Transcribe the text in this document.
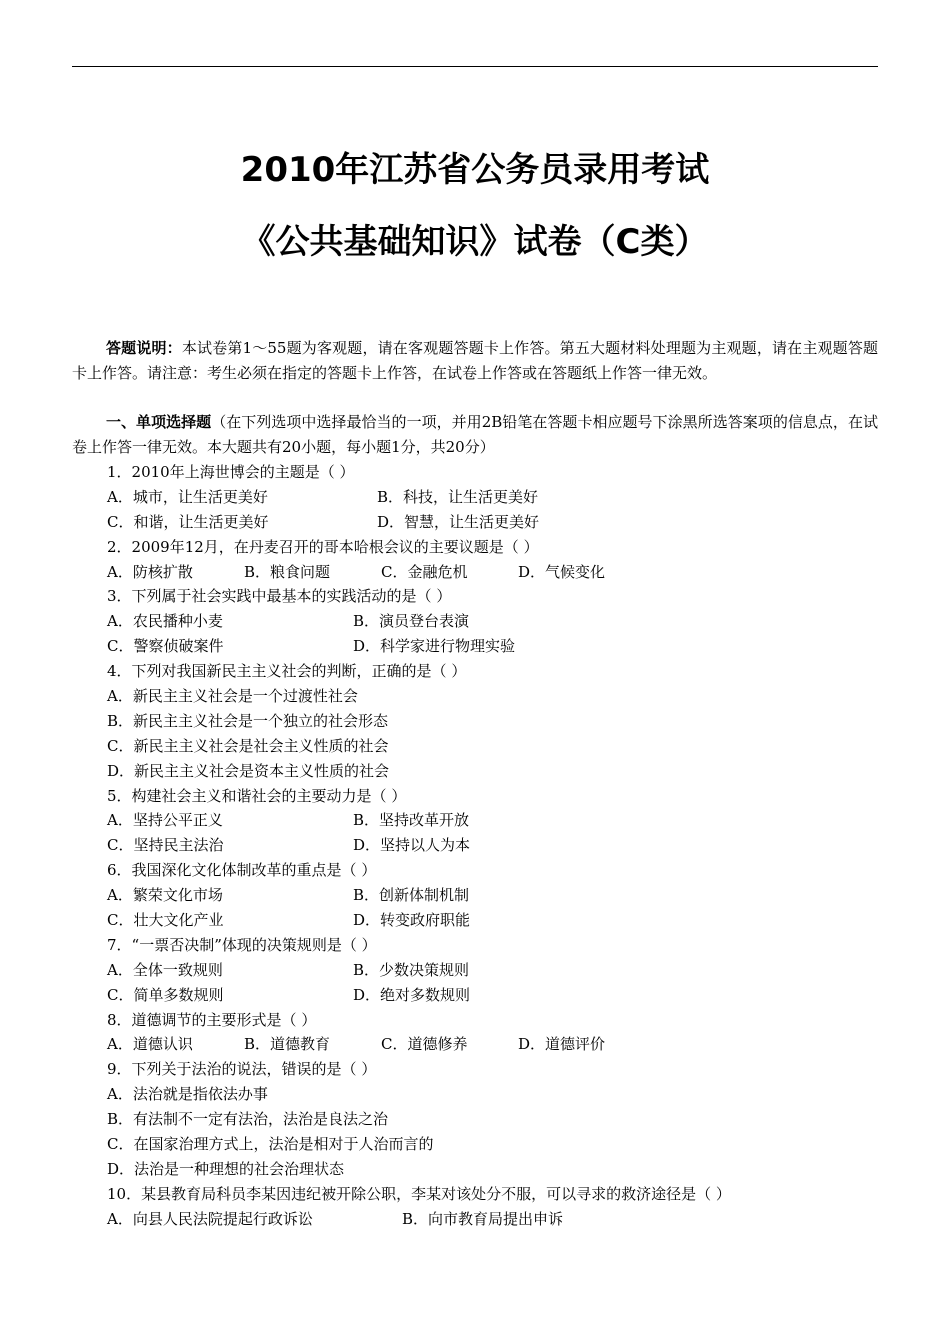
2010年江苏省公务员录用考试
《公共基础知识》试卷（C类）
答题说明：本试卷第1～55题为客观题，请在客观题答题卡上作答。第五大题材料处理题为主观题，请在主观题答题卡上作答。请注意：考生必须在指定的答题卡上作答，在试卷上作答或在答题纸上作答一律无效。
一、单项选择题（在下列选项中选择最恰当的一项，并用2B铅笔在答题卡相应题号下涂黑所选答案项的信息点，在试卷上作答一律无效。本大题共有20小题，每小题1分，共20分）
1．2010年上海世博会的主题是（ ）
A．城市，让生活更美好	B．科技，让生活更美好
C．和谐，让生活更美好	D．智慧，让生活更美好
2．2009年12月，在丹麦召开的哥本哈根会议的主要议题是（ ）
A．防核扩散	B．粮食问题	C．金融危机	D．气候变化
3．下列属于社会实践中最基本的实践活动的是（ ）
A．农民播种小麦	B．演员登台表演
C．警察侦破案件	D．科学家进行物理实验
4．下列对我国新民主主义社会的判断，正确的是（ ）
A．新民主主义社会是一个过渡性社会
B．新民主主义社会是一个独立的社会形态
C．新民主主义社会是社会主义性质的社会
D．新民主主义社会是资本主义性质的社会
5．构建社会主义和谐社会的主要动力是（ ）
A．坚持公平正义	B．坚持改革开放
C．坚持民主法治	D．坚持以人为本
6．我国深化文化体制改革的重点是（ ）
A．繁荣文化市场	B．创新体制机制
C．壮大文化产业	D．转变政府职能
7．“一票否决制”体现的决策规则是（ ）
A．全体一致规则	B．少数决策规则
C．简单多数规则	D．绝对多数规则
8．道德调节的主要形式是（ ）
A．道德认识	B．道德教育	C．道德修养	D．道德评价
9．下列关于法治的说法，错误的是（ ）
A．法治就是指依法办事
B．有法制不一定有法治，法治是良法之治
C．在国家治理方式上，法治是相对于人治而言的
D．法治是一种理想的社会治理状态
10．某县教育局科员李某因违纪被开除公职，李某对该处分不服，可以寻求的救济途径是（ ）
A．向县人民法院提起行政诉讼	B．向市教育局提出申诉
